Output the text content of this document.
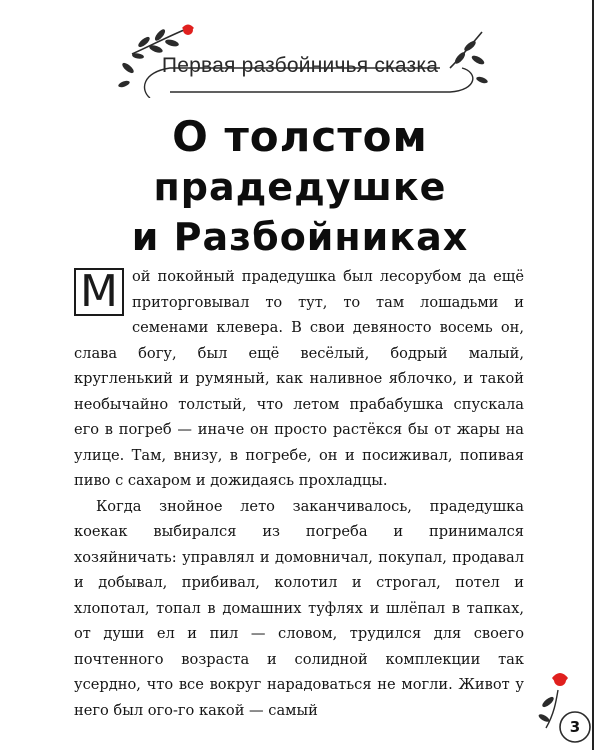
Первая разбойничья сказка
О толстом
прадедушке
и Разбойниках

М ой покойный прадедушка был лесорубом да ещё приторговывал то тут, то там лошадьми и семенами клевера. В свои девяносто восемь он, слава богу, был ещё весёлый, бодрый малый, кругленький и румяный, как наливное яблочко, и такой необычайно толстый, что летом прабабушка спускала его в погреб — иначе он просто растёкся бы от жары на улице. Там, внизу, в погребе, он и посиживал, попивая пиво с сахаром и дожидаясь прохладцы.

Когда знойное лето заканчивалось, прадедушка коекак выбирался из погреба и принимался хозяйничать: управлял и домовничал, покупал, продавал и добывал, прибивал, колотил и строгал, потел и хлопотал, топал в домашних туфлях и шлёпал в тапках, от души ел и пил — словом, трудился для своего почтенного возраста и солидной комплекции так усердно, что все вокруг нарадоваться не могли. Живот у него был ого-го какой — самый

3
